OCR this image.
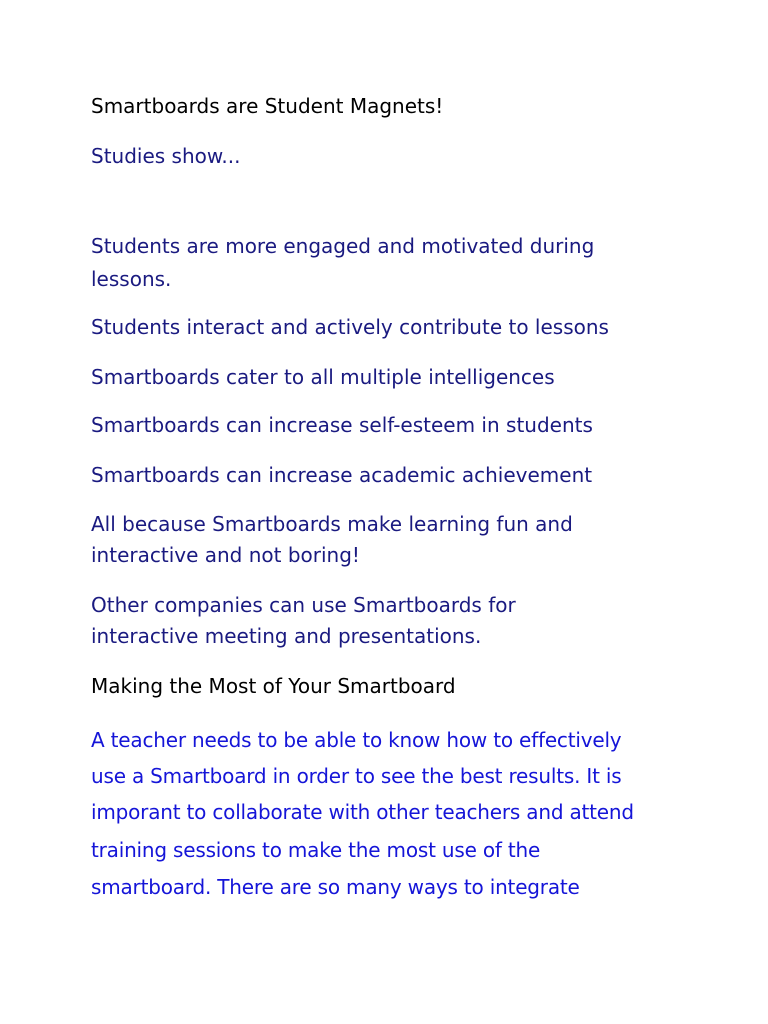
Smartboards are Student Magnets!

Studies show...

Students are more engaged and motivated during

lessons.

Students interact and actively contribute to lessons

Smartboards cater to all multiple intelligences

Smartboards can increase self-esteem in students

Smartboards can increase academic achievement

All because Smartboards make learning fun and

interactive and not boring!

Other companies can use Smartboards for

interactive meeting and presentations.

Making the Most of Your Smartboard

A teacher needs to be able to know how to effectively

use a Smartboard in order to see the best results. It is

imporant to collaborate with other teachers and attend

training sessions to make the most use of the

smartboard. There are so many ways to integrate
